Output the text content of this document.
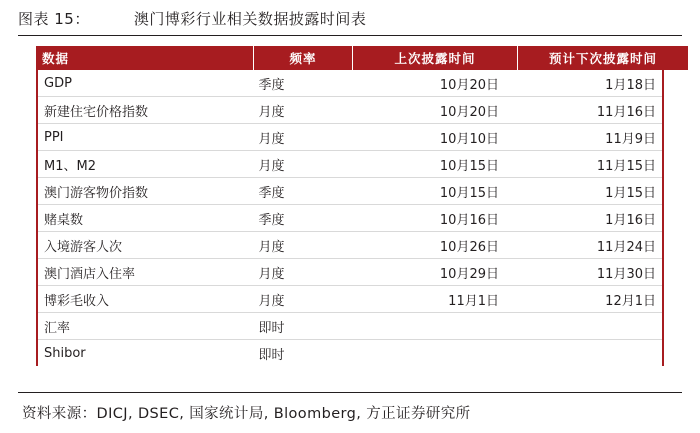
图表 15：	澳门博彩行业相关数据披露时间表
数据	频率	上次披露时间	预计下次披露时间
GDP	季度	10月20日	1月18日
新建住宅价格指数	月度	10月20日	11月16日
PPI	月度	10月10日	11月9日
M1、M2	月度	10月15日	11月15日
澳门游客物价指数	季度	10月15日	1月15日
赌桌数	季度	10月16日	1月16日
入境游客人次	月度	10月26日	11月24日
澳门酒店入住率	月度	10月29日	11月30日
博彩毛收入	月度	11月1日	12月1日
汇率	即时		
Shibor	即时		
资料来源：DICJ, DSEC, 国家统计局, Bloomberg, 方正证券研究所
